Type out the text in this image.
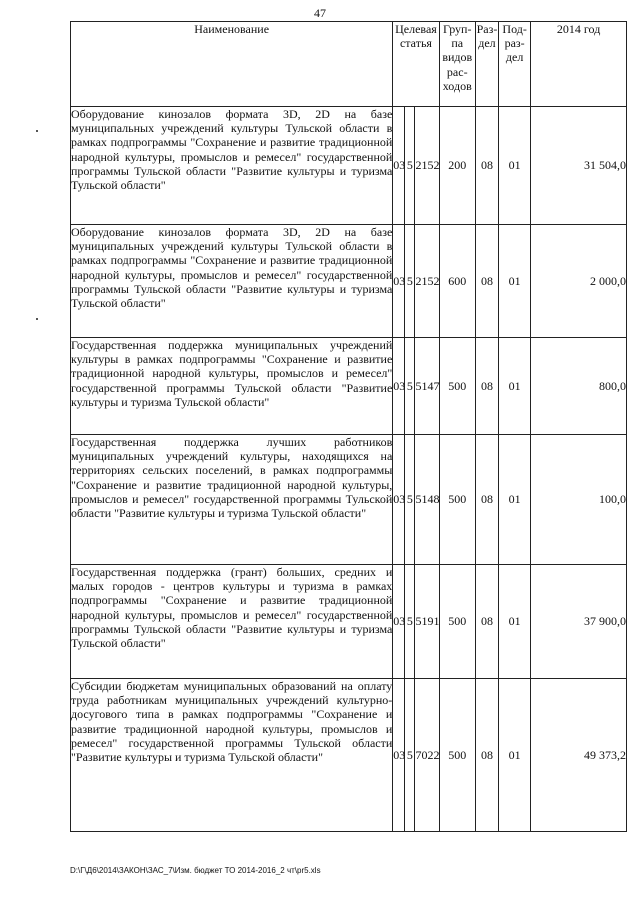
47
Наименование	Целевая статья			Груп-па видов рас-ходов	Раз-дел	Под-раз-дел	2014 год
Оборудование кинозалов формата 3D, 2D на базе муниципальных учреждений культуры Тульской области в рамках подпрограммы "Сохранение и развитие традиционной народной культуры, промыслов и ремесел" государственной программы Тульской области "Развитие культуры и туризма Тульской области"	03	5	2152	200	08	01	31 504,0
Оборудование кинозалов формата 3D, 2D на базе муниципальных учреждений культуры Тульской области в рамках подпрограммы "Сохранение и развитие традиционной народной культуры, промыслов и ремесел" государственной программы Тульской области "Развитие культуры и туризма Тульской области"	03	5	2152	600	08	01	2 000,0
Государственная поддержка муниципальных учреждений культуры в рамках подпрограммы "Сохранение и развитие традиционной народной культуры, промыслов и ремесел" государственной программы Тульской области "Развитие культуры и туризма Тульской области"	03	5	5147	500	08	01	800,0
Государственная поддержка лучших работников муниципальных учреждений культуры, находящихся на территориях сельских поселений, в рамках подпрограммы "Сохранение и развитие традиционной народной культуры, промыслов и ремесел" государственной программы Тульской области "Развитие культуры и туризма Тульской области"	03	5	5148	500	08	01	100,0
Государственная поддержка (грант) больших, средних и малых городов - центров культуры и туризма в рамках подпрограммы "Сохранение и развитие традиционной народной культуры, промыслов и ремесел" государственной программы Тульской области "Развитие культуры и туризма Тульской области"	03	5	5191	500	08	01	37 900,0
Субсидии бюджетам муниципальных образований на оплату труда работникам муниципальных учреждений культурно-досугового типа в рамках подпрограммы "Сохранение и развитие традиционной народной культуры, промыслов и ремесел" государственной программы Тульской области "Развитие культуры и туризма Тульской области"	03	5	7022	500	08	01	49 373,2
D:\Г\Д6\2014\ЗАКОН\ЗАС_7\Изм. бюджет ТО 2014-2016_2 чт\pr5.xls
